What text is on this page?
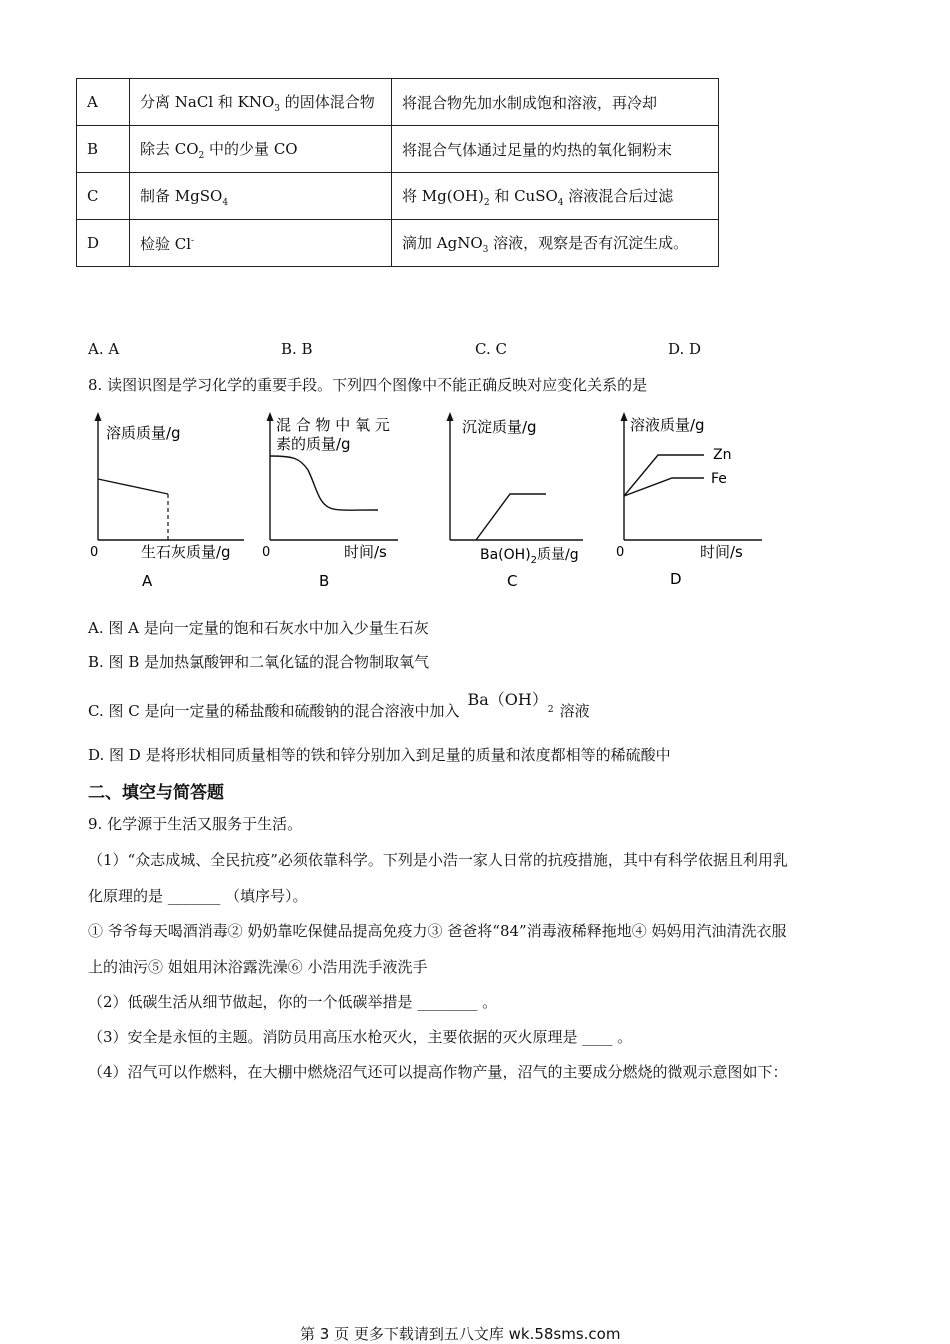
A	分离 NaCl 和 $KNO_3$ 的固体混合物	将混合物先加水制成饱和溶液，再冷却
B	除去 $CO_2$ 中的少量 CO	将混合气体通过足量的灼热的氧化铜粉末
C	制备 MgSO$_4$	将 $Mg(OH)_2$ 和 CuSO$_4$ 溶液混合后过滤
D	检验 Cl-	滴加 AgNO$_3$ 溶液，观察是否有沉淀生成。
A. A	B. B	C. C	D. D
8. 读图识图是学习化学的重要手段。下列四个图像中不能正确反映对应变化关系的是
溶质质量/g
0	生石灰质量/g
A
混 合 物 中 氧 元
素的质量/g
0	时间/s
B
沉淀质量/g
$Ba(OH)_2$质量/g
C
溶液质量/g
Zn
Fe
0	时间/s
D
A. 图 A 是向一定量的饱和石灰水中加入少量生石灰
B. 图 B 是加热氯酸钾和二氧化锰的混合物制取氧气
C. 图 C 是向一定量的稀盐酸和硫酸钠的混合溶液中加入$Ba(OH)_2$ 溶液
D. 图 D 是将形状相同质量相等的铁和锌分别加入到足量的质量和浓度都相等的稀硫酸中
二、填空与简答题
9. 化学源于生活又服务于生活。
（1）“众志成城、全民抗疫”必须依靠科学。下列是小浩一家人日常的抗疫措施，其中有科学依据且利用乳
化原理的是 _______ （填序号）。
① 爷爷每天喝酒消毒② 奶奶靠吃保健品提高免疫力③ 爸爸将“84”消毒液稀释拖地④ 妈妈用汽油清洗衣服
上的油污⑤ 姐姐用沐浴露洗澡⑥ 小浩用洗手液洗手
（2）低碳生活从细节做起，你的一个低碳举措是 ________ 。
（3）安全是永恒的主题。消防员用高压水枪灭火，主要依据的灭火原理是 ____ 。
（4）沼气可以作燃料，在大棚中燃烧沼气还可以提高作物产量，沼气的主要成分燃烧的微观示意图如下：
第 3 页 更多下载请到五八文库 wk.58sms.com
